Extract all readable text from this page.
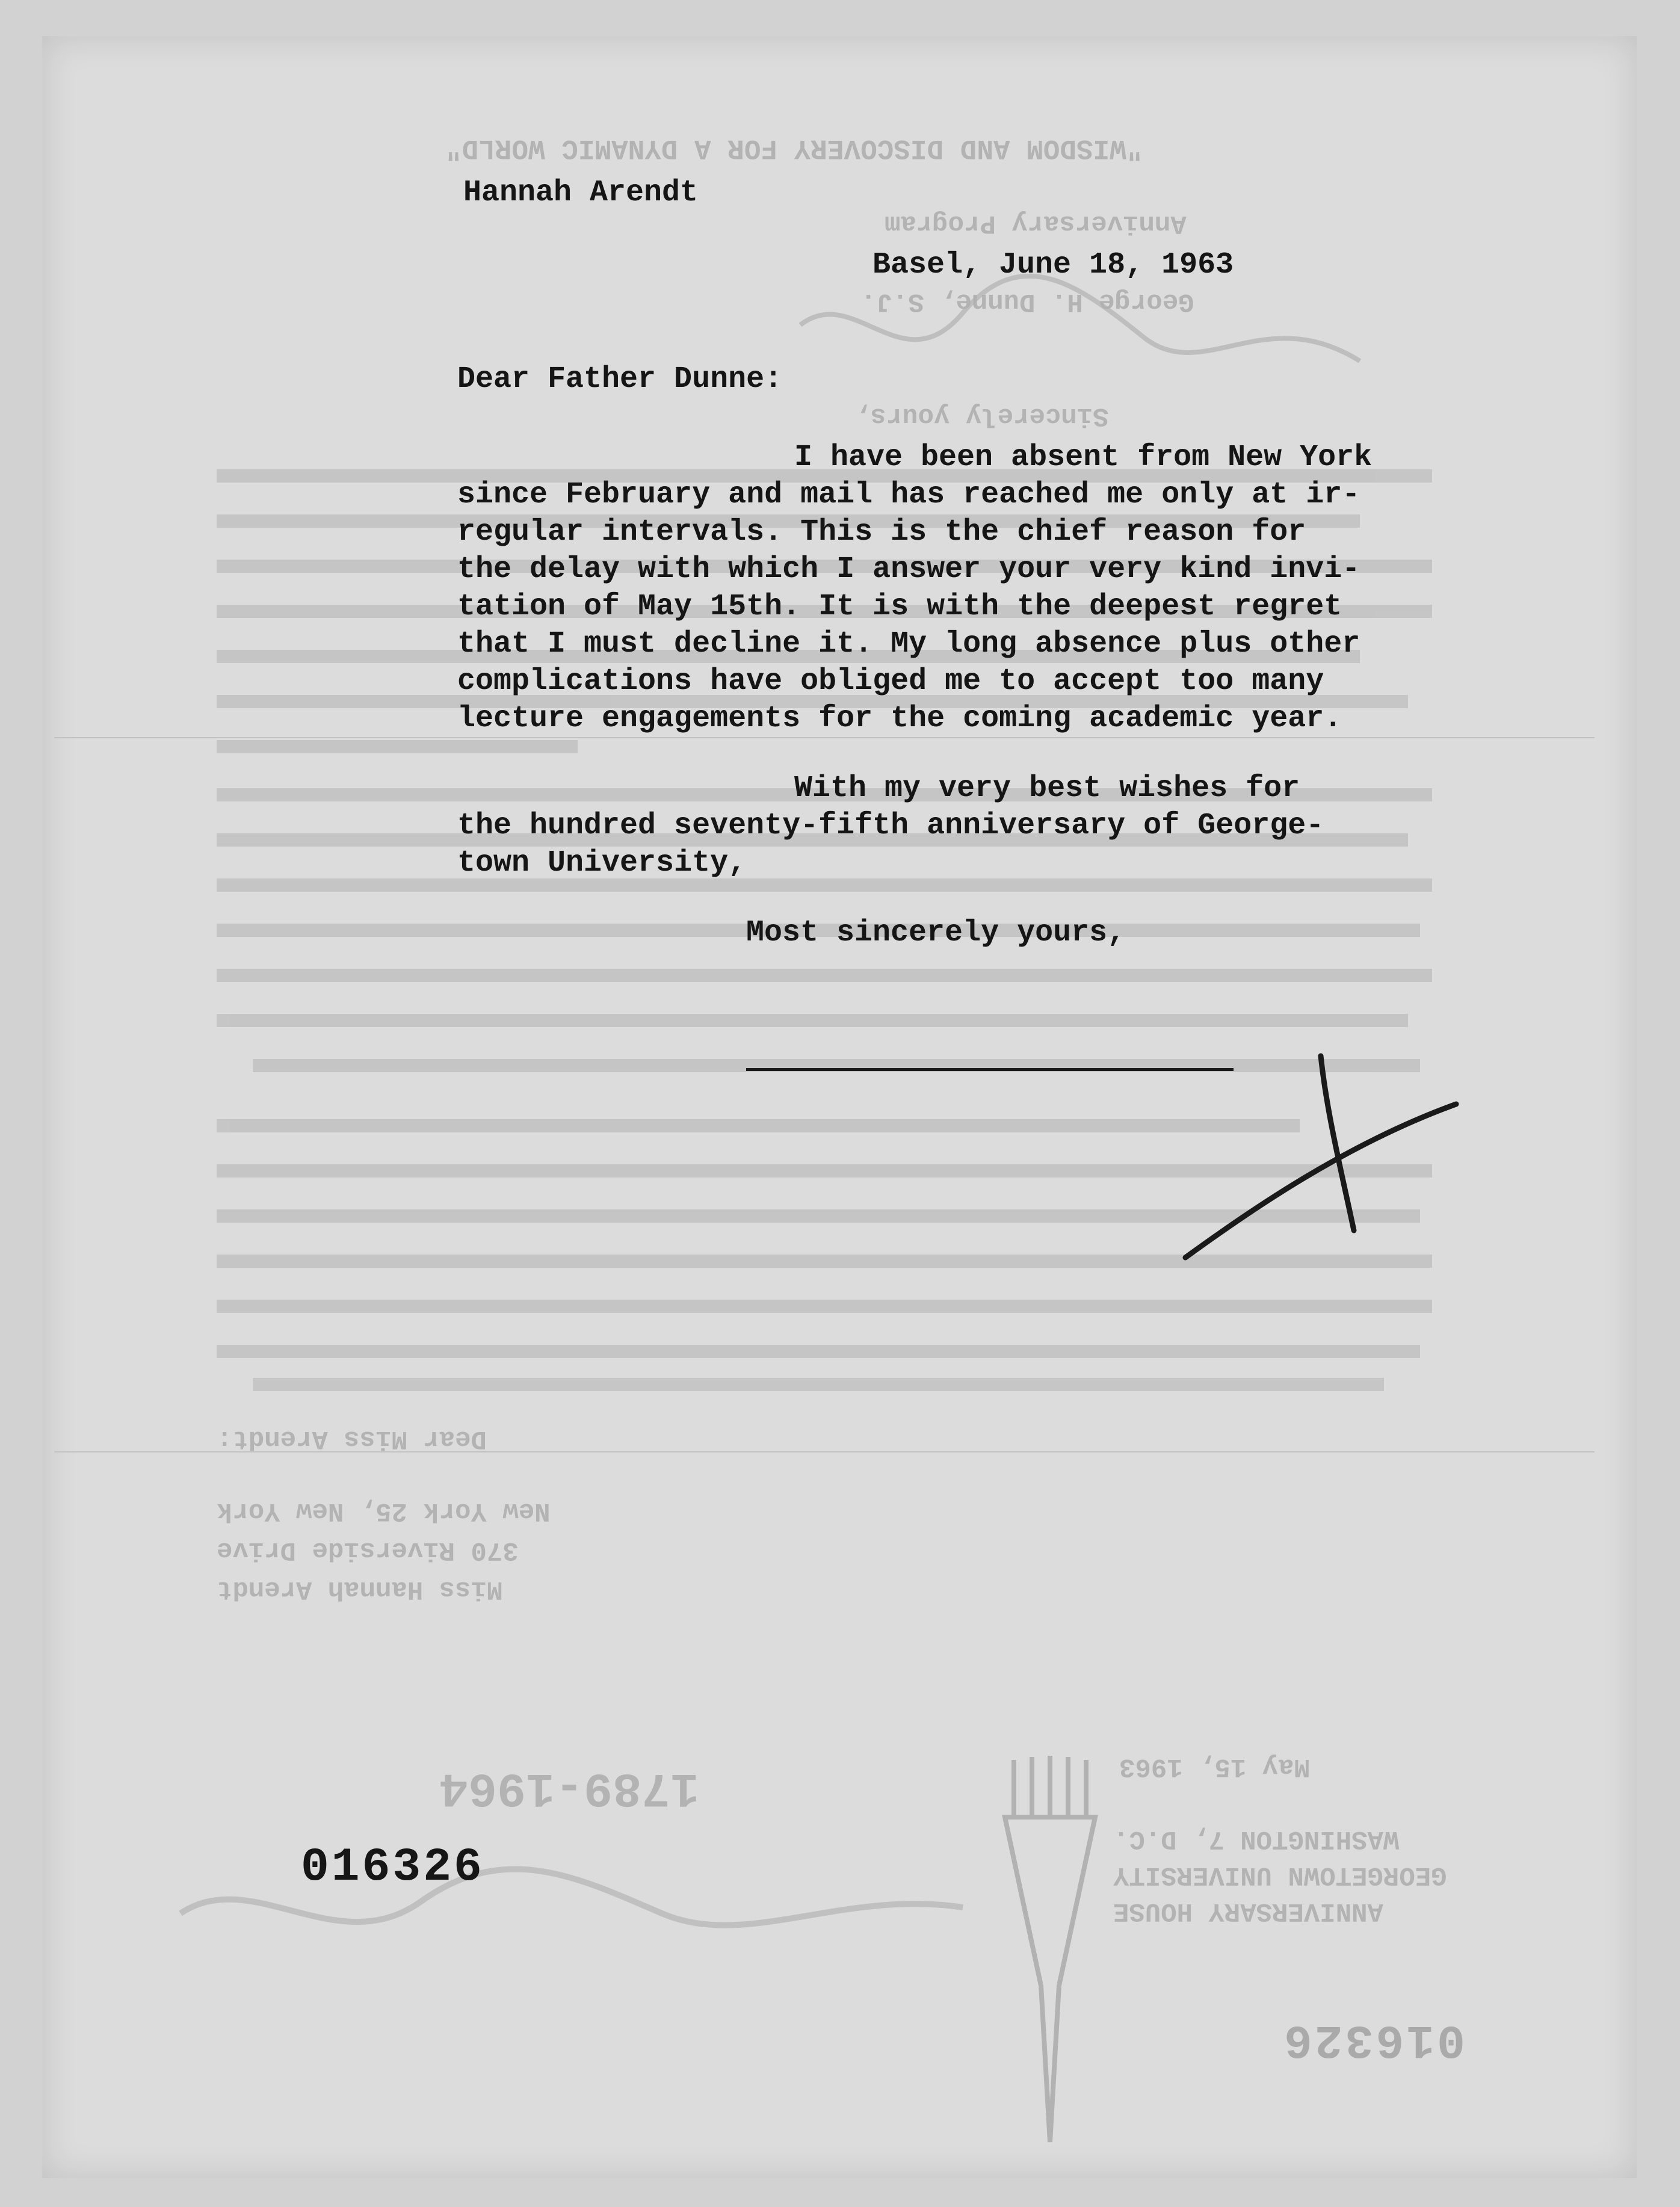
"WISDOM AND DISCOVERY FOR A DYNAMIC WORLD"
Anniversary Program
George H. Dunne, S.J.
Sincerely yours,
Dear Miss Arendt:
Miss Hannah Arendt
370 Riverside Drive
New York 25, New York
May 15, 1963
ANNIVERSARY HOUSE
GEORGETOWN UNIVERSITY
WASHINGTON 7, D.C.
1789-1964
016326
Hannah Arendt
Basel, June 18, 1963
Dear Father Dunne:
I have been absent from New York
since February and mail has reached me only at ir-
regular intervals. This is the chief reason for
the delay with which I answer your very kind invi-
tation of May 15th. It is with the deepest regret
that I must decline it. My long absence plus other
complications have obliged me to accept too many
lecture engagements for the coming academic year.
With my very best wishes for
the hundred seventy-fifth anniversary of George-
town University,
Most sincerely yours,
016326
